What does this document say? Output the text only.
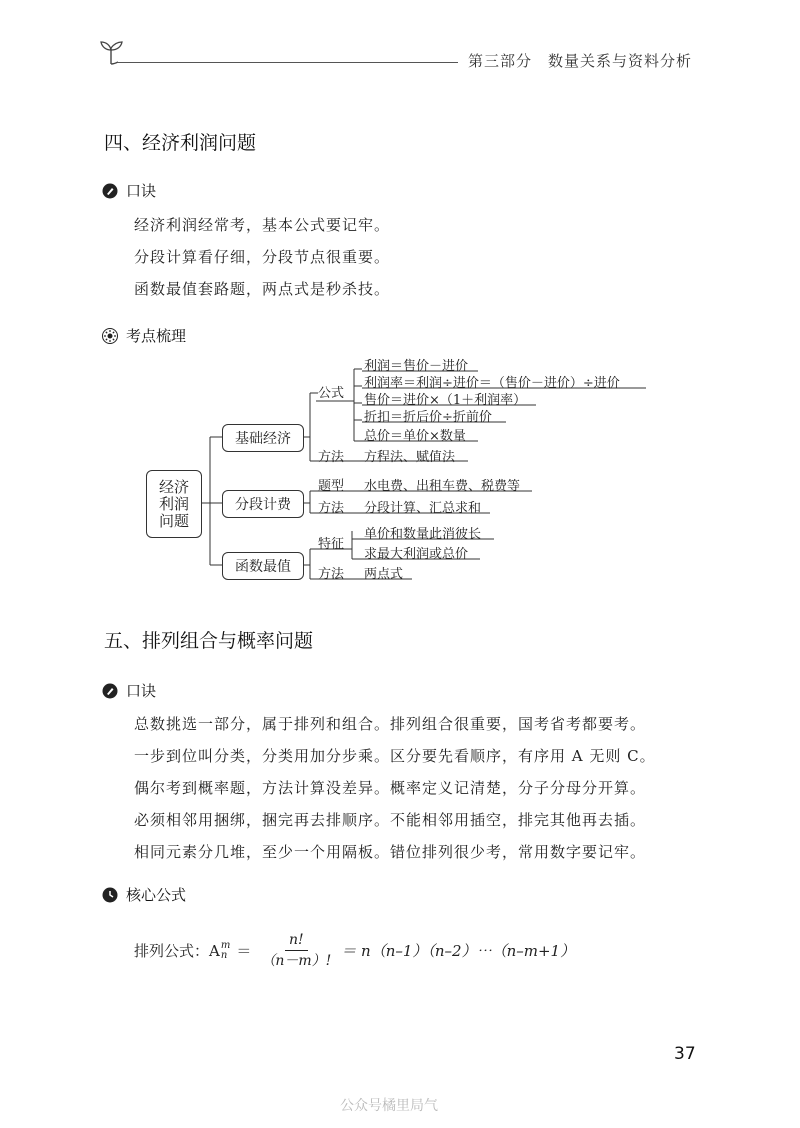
第三部分　数量关系与资料分析
四、经济利润问题
口诀
经济利润经常考，基本公式要记牢。
分段计算看仔细，分段节点很重要。
函数最值套路题，两点式是秒杀技。
考点梳理
经济
利润
问题
基础经济
分段计费
函数最值
公式
利润＝售价－进价
利润率＝利润÷进价＝（售价－进价）÷进价
售价＝进价×（1＋利润率）
折扣＝折后价÷折前价
总价＝单价×数量
方法 方程法、赋值法
题型 水电费、出租车费、税费等
方法 分段计算、汇总求和
特征
单价和数量此消彼长
求最大利润或总价
方法 两点式
五、排列组合与概率问题
口诀
总数挑选一部分，属于排列和组合。排列组合很重要，国考省考都要考。
一步到位叫分类，分类用加分步乘。区分要先看顺序，有序用 A 无则 C。
偶尔考到概率题，方法计算没差异。概率定义记清楚，分子分母分开算。
必须相邻用捆绑，捆完再去排顺序。不能相邻用插空，排完其他再去插。
相同元素分几堆，至少一个用隔板。错位排列很少考，常用数字要记牢。
核心公式
排列公式：A m
$n = \frac{n!}{(n-m)!}$ ＝ n（n–1）（n–2）⋯（n–m+1）
37
公众号橘里局气
